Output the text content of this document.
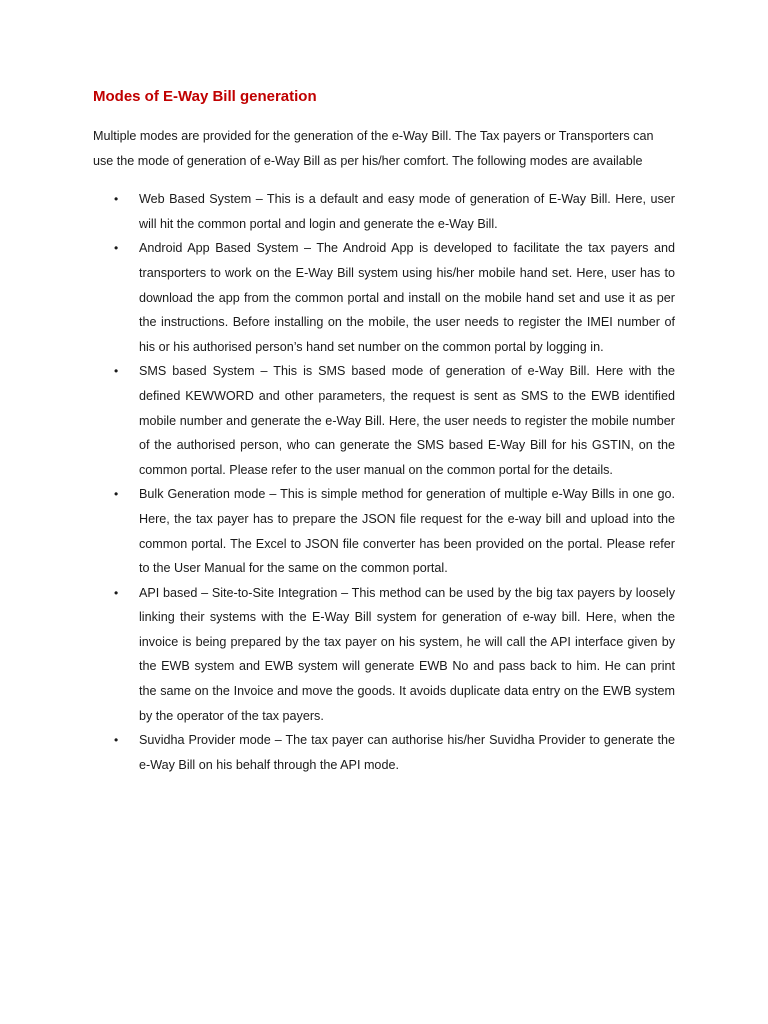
Modes of E-Way Bill generation

Multiple modes are provided for the generation of the e-Way Bill. The Tax payers or Transporters can use the mode of generation of e-Way Bill as per his/her comfort. The following modes are available

•	Web Based System – This is a default and easy mode of generation of E-Way Bill. Here, user will hit the common portal and login and generate the e-Way Bill.
•	Android App Based System – The Android App is developed to facilitate the tax payers and transporters to work on the E-Way Bill system using his/her mobile hand set. Here, user has to download the app from the common portal and install on the mobile hand set and use it as per the instructions. Before installing on the mobile, the user needs to register the IMEI number of his or his authorised person’s hand set number on the common portal by logging in.
•	SMS based System – This is SMS based mode of generation of e-Way Bill. Here with the defined KEWWORD and other parameters, the request is sent as SMS to the EWB identified mobile number and generate the e-Way Bill. Here, the user needs to register the mobile number of the authorised person, who can generate the SMS based E-Way Bill for his GSTIN, on the common portal. Please refer to the user manual on the common portal for the details.
•	Bulk Generation mode – This is simple method for generation of multiple e-Way Bills in one go. Here, the tax payer has to prepare the JSON file request for the e-way bill and upload into the common portal. The Excel to JSON file converter has been provided on the portal. Please refer to the User Manual for the same on the common portal.
•	API based – Site-to-Site Integration – This method can be used by the big tax payers by loosely linking their systems with the E-Way Bill system for generation of e-way bill. Here, when the invoice is being prepared by the tax payer on his system, he will call the API interface given by the EWB system and EWB system will generate EWB No and pass back to him. He can print the same on the Invoice and move the goods. It avoids duplicate data entry on the EWB system by the operator of the tax payers.
•	Suvidha Provider mode – The tax payer can authorise his/her Suvidha Provider to generate the e-Way Bill on his behalf through the API mode.
